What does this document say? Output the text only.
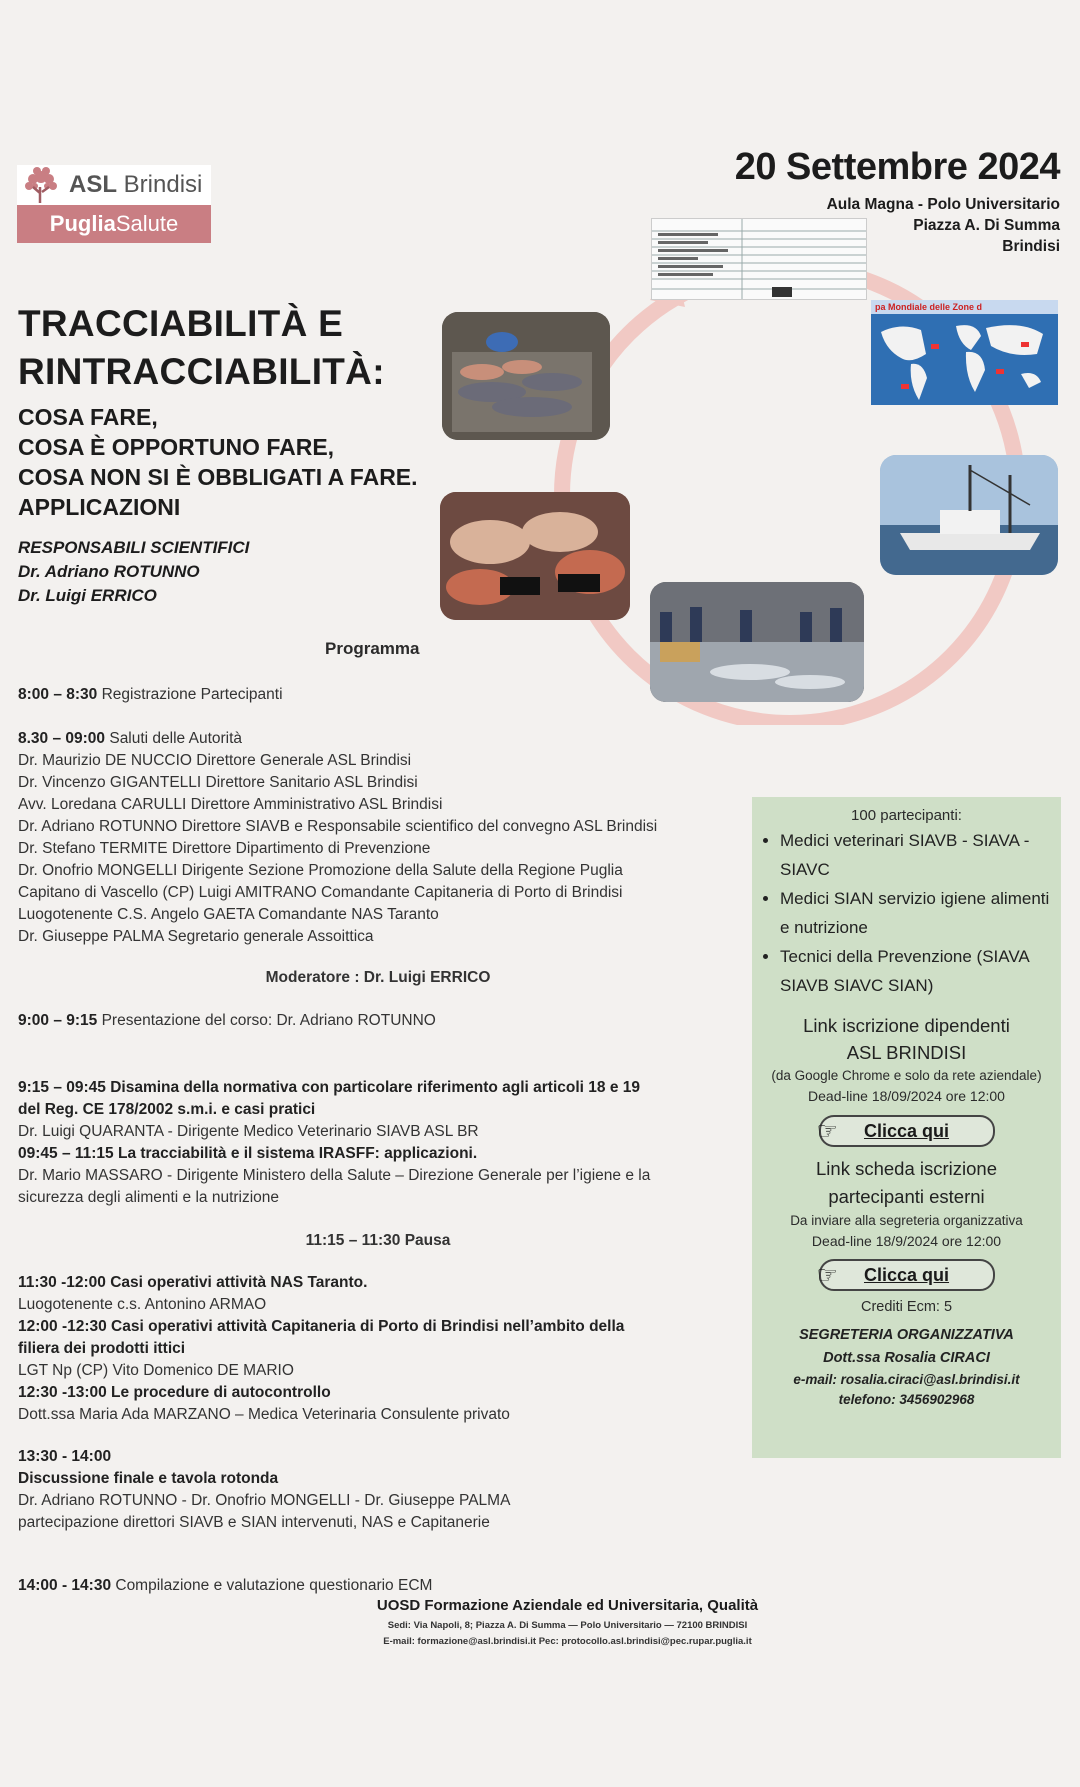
ASL Brindisi
Puglia Salute
20 Settembre 2024
Aula Magna - Polo Universitario
Piazza A. Di Summa
Brindisi
pa Mondiale delle Zone d
TRACCIABILITÀ E
RINTRACCIABILITÀ:
COSA FARE,
COSA È OPPORTUNO FARE,
COSA NON SI È OBBLIGATI A FARE.
APPLICAZIONI
RESPONSABILI SCIENTIFICI
Dr. Adriano ROTUNNO
Dr. Luigi ERRICO
Programma
8:00 – 8:30 Registrazione Partecipanti
8.30 – 09:00 Saluti delle Autorità
Dr. Maurizio DE NUCCIO Direttore Generale ASL Brindisi
Dr. Vincenzo GIGANTELLI Direttore Sanitario ASL Brindisi
Avv. Loredana CARULLI Direttore Amministrativo ASL Brindisi
Dr. Adriano ROTUNNO Direttore SIAVB e Responsabile scientifico del convegno ASL Brindisi
Dr. Stefano TERMITE Direttore Dipartimento di Prevenzione
Dr. Onofrio MONGELLI Dirigente Sezione Promozione della Salute della Regione Puglia
Capitano di Vascello (CP) Luigi AMITRANO Comandante Capitaneria di Porto di Brindisi
Luogotenente C.S. Angelo GAETA Comandante NAS Taranto
Dr. Giuseppe PALMA Segretario generale Assoittica
Moderatore : Dr. Luigi ERRICO
9:00 – 9:15 Presentazione del corso: Dr. Adriano ROTUNNO
9:15 – 09:45 Disamina della normativa con particolare riferimento agli articoli 18 e 19
del Reg. CE 178/2002 s.m.i. e casi pratici
Dr. Luigi QUARANTA - Dirigente Medico Veterinario SIAVB ASL BR
09:45 – 11:15 La tracciabilità e il sistema IRASFF: applicazioni.
Dr. Mario MASSARO - Dirigente Ministero della Salute – Direzione Generale per l’igiene e la
sicurezza degli alimenti e la nutrizione
11:15 – 11:30 Pausa
11:30 -12:00 Casi operativi attività NAS Taranto.
Luogotenente c.s. Antonino ARMAO
12:00 -12:30 Casi operativi attività Capitaneria di Porto di Brindisi nell’ambito della
filiera dei prodotti ittici
LGT Np (CP) Vito Domenico DE MARIO
12:30 -13:00 Le procedure di autocontrollo
Dott.ssa Maria Ada MARZANO – Medica Veterinaria Consulente privato
13:30 - 14:00
Discussione finale e tavola rotonda
Dr. Adriano ROTUNNO - Dr. Onofrio MONGELLI - Dr. Giuseppe PALMA
partecipazione direttori SIAVB e SIAN intervenuti, NAS e Capitanerie
14:00 - 14:30 Compilazione e valutazione questionario ECM
100 partecipanti:
• Medici veterinari SIAVB - SIAVA - SIAVC
• Medici SIAN servizio igiene alimenti e nutrizione
• Tecnici della Prevenzione (SIAVA SIAVB SIAVC SIAN)
Link iscrizione dipendenti
ASL BRINDISI
(da Google Chrome e solo da rete aziendale)
Dead-line 18/09/2024 ore 12:00
☞ Clicca qui
Link scheda iscrizione
partecipanti esterni
Da inviare alla segreteria organizzativa
Dead-line 18/9/2024 ore 12:00
☞ Clicca qui
Crediti Ecm: 5
SEGRETERIA ORGANIZZATIVA
Dott.ssa Rosalia CIRACI
e-mail: rosalia.ciraci@asl.brindisi.it
telefono: 3456902968
UOSD Formazione Aziendale ed Universitaria, Qualità
Sedi: Via Napoli, 8; Piazza A. Di Summa — Polo Universitario — 72100 BRINDISI
E-mail: formazione@asl.brindisi.it Pec: protocollo.asl.brindisi@pec.rupar.puglia.it
